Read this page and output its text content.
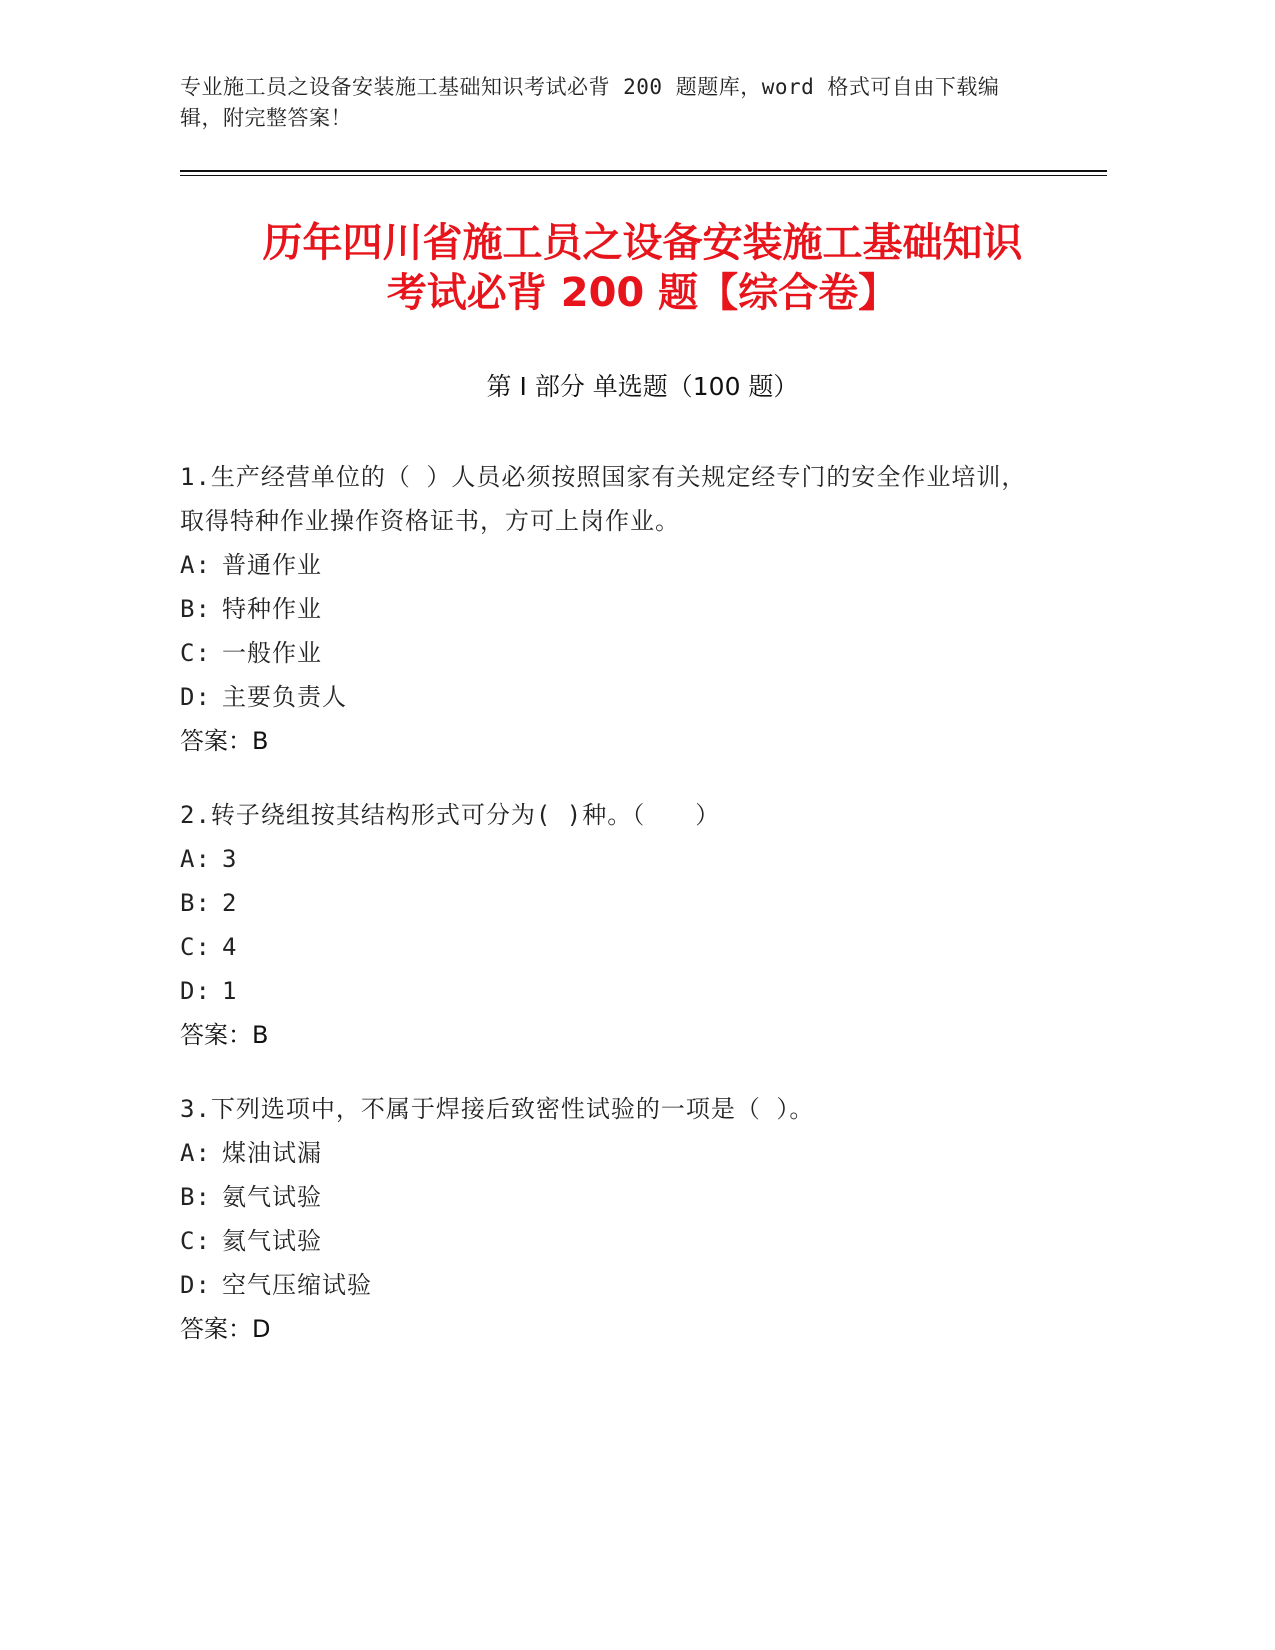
专业施工员之设备安装施工基础知识考试必背 200 题题库，word 格式可自由下载编辑，附完整答案！
历年四川省施工员之设备安装施工基础知识
考试必背 200 题【综合卷】
第 I 部分 单选题（100 题）

1.生产经营单位的（ ）人员必须按照国家有关规定经专门的安全作业培训，取得特种作业操作资格证书，方可上岗作业。

A: 普通作业

B: 特种作业

C: 一般作业

D: 主要负责人

答案：B

2.转子绕组按其结构形式可分为( )种。（　　）

A: 3

B: 2

C: 4

D: 1

答案：B

3.下列选项中，不属于焊接后致密性试验的一项是（ ）。

A: 煤油试漏

B: 氨气试验

C: 氦气试验

D: 空气压缩试验

答案：D
